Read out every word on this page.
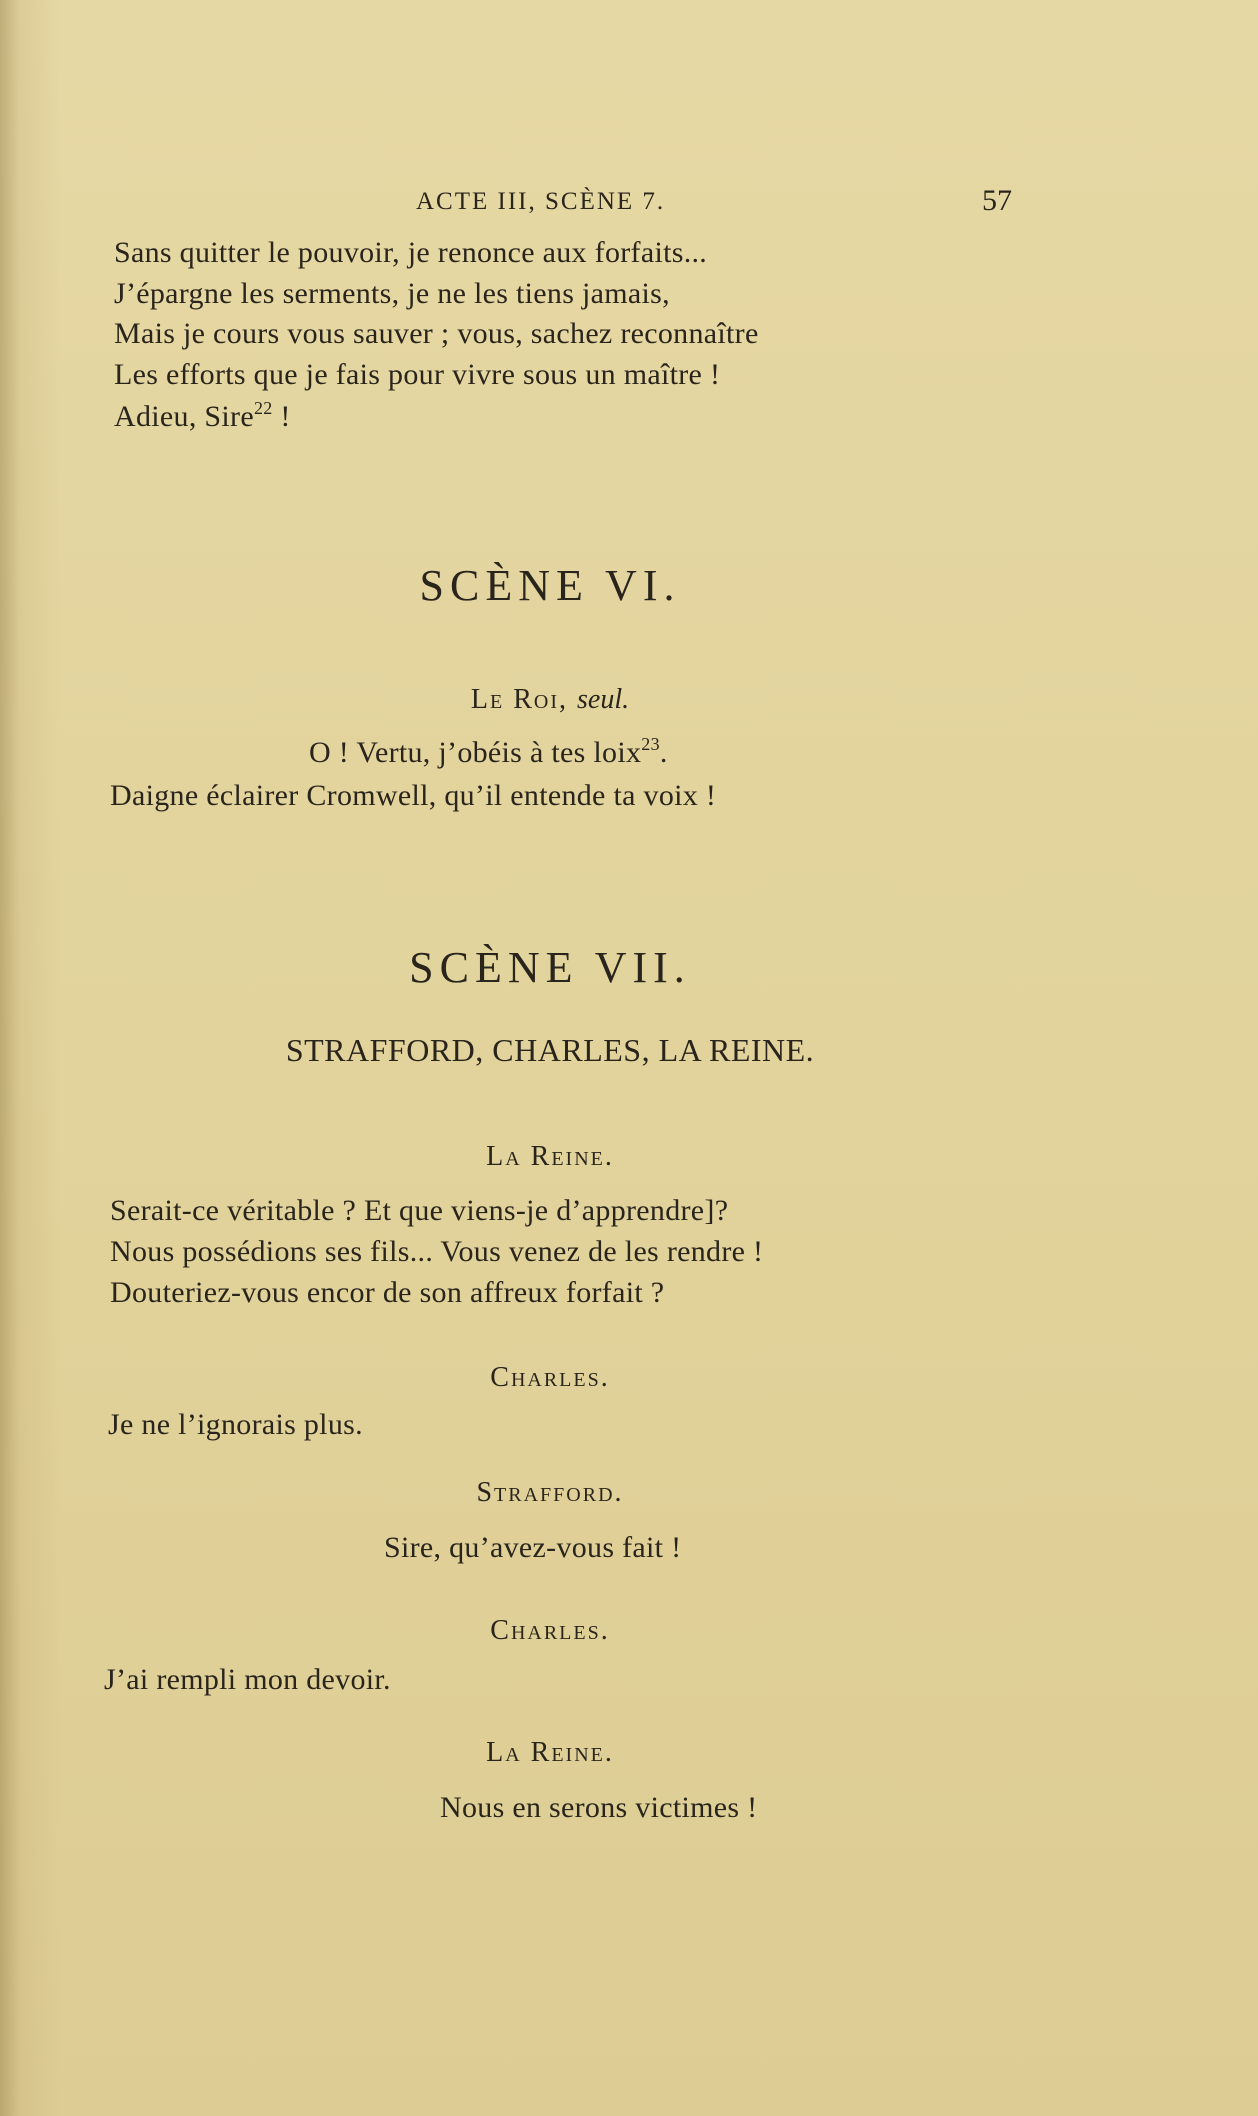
ACTE III, SCÈNE 7.	57
Sans quitter le pouvoir, je renonce aux forfaits...
J’épargne les serments, je ne les tiens jamais,
Mais je cours vous sauver ; vous, sachez reconnaître
Les efforts que je fais pour vivre sous un maître !
Adieu, Sire$^{22}$ !
SCÈNE VI.
Le Roi, seul.
O ! Vertu, j’obéis à tes loix$^{23}$.
Daigne éclairer Cromwell, qu’il entende ta voix !
SCÈNE VII.
STRAFFORD, CHARLES, LA REINE.
La Reine.
Serait-ce véritable ? Et que viens-je d’apprendre]?
Nous possédions ses fils... Vous venez de les rendre !
Douteriez-vous encor de son affreux forfait ?
Charles.
Je ne l’ignorais plus.
Strafford.
Sire, qu’avez-vous fait !
Charles.
J’ai rempli mon devoir.
La Reine.
Nous en serons victimes !
